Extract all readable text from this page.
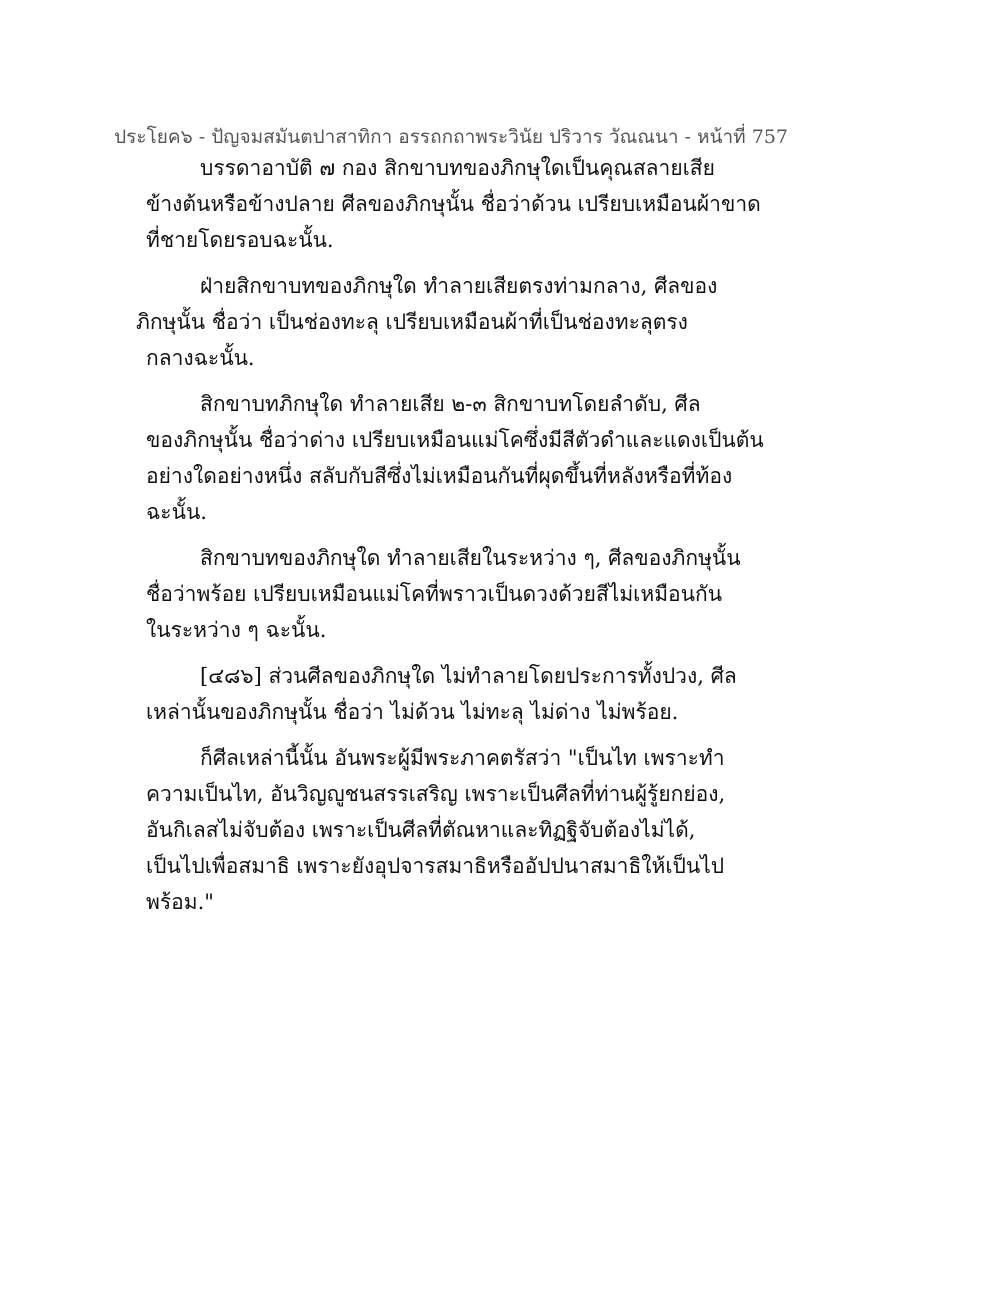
ประโยค๖ - ปัญจมสมันตปาสาทิกา อรรถกถาพระวินัย ปริวาร วัณณนา - หน้าที่ 757

บรรดาอาบัติ ๗ กอง สิกขาบทของภิกษุใดเป็นคุณสลายเสีย
ข้างต้นหรือข้างปลาย ศีลของภิกษุนั้น ชื่อว่าด้วน เปรียบเหมือนผ้าขาด
ที่ชายโดยรอบฉะนั้น.

ฝ่ายสิกขาบทของภิกษุใด ทำลายเสียตรงท่ามกลาง, ศีลของ
ภิกษุนั้น ชื่อว่า เป็นช่องทะลุ เปรียบเหมือนผ้าที่เป็นช่องทะลุตรง
กลางฉะนั้น.

สิกขาบทภิกษุใด ทำลายเสีย ๒-๓ สิกขาบทโดยลำดับ, ศีล
ของภิกษุนั้น ชื่อว่าด่าง เปรียบเหมือนแม่โคซึ่งมีสีตัวดำและแดงเป็นต้น
อย่างใดอย่างหนึ่ง สลับกับสีซึ่งไม่เหมือนกันที่ผุดขึ้นที่หลังหรือที่ท้อง
ฉะนั้น.

สิกขาบทของภิกษุใด ทำลายเสียในระหว่าง ๆ, ศีลของภิกษุนั้น
ชื่อว่าพร้อย เปรียบเหมือนแม่โคที่พราวเป็นดวงด้วยสีไม่เหมือนกัน
ในระหว่าง ๆ ฉะนั้น.

[๔๘๖] ส่วนศีลของภิกษุใด ไม่ทำลายโดยประการทั้งปวง, ศีล
เหล่านั้นของภิกษุนั้น ชื่อว่า ไม่ด้วน ไม่ทะลุ ไม่ด่าง ไม่พร้อย.

ก็ศีลเหล่านี้นั้น อันพระผู้มีพระภาคตรัสว่า "เป็นไท เพราะทำ
ความเป็นไท, อันวิญญูชนสรรเสริญ เพราะเป็นศีลที่ท่านผู้รู้ยกย่อง,
อันกิเลสไม่จับต้อง เพราะเป็นศีลที่ตัณหาและทิฏฐิจับต้องไม่ได้,
เป็นไปเพื่อสมาธิ เพราะยังอุปจารสมาธิหรืออัปปนาสมาธิให้เป็นไป
พร้อม."
